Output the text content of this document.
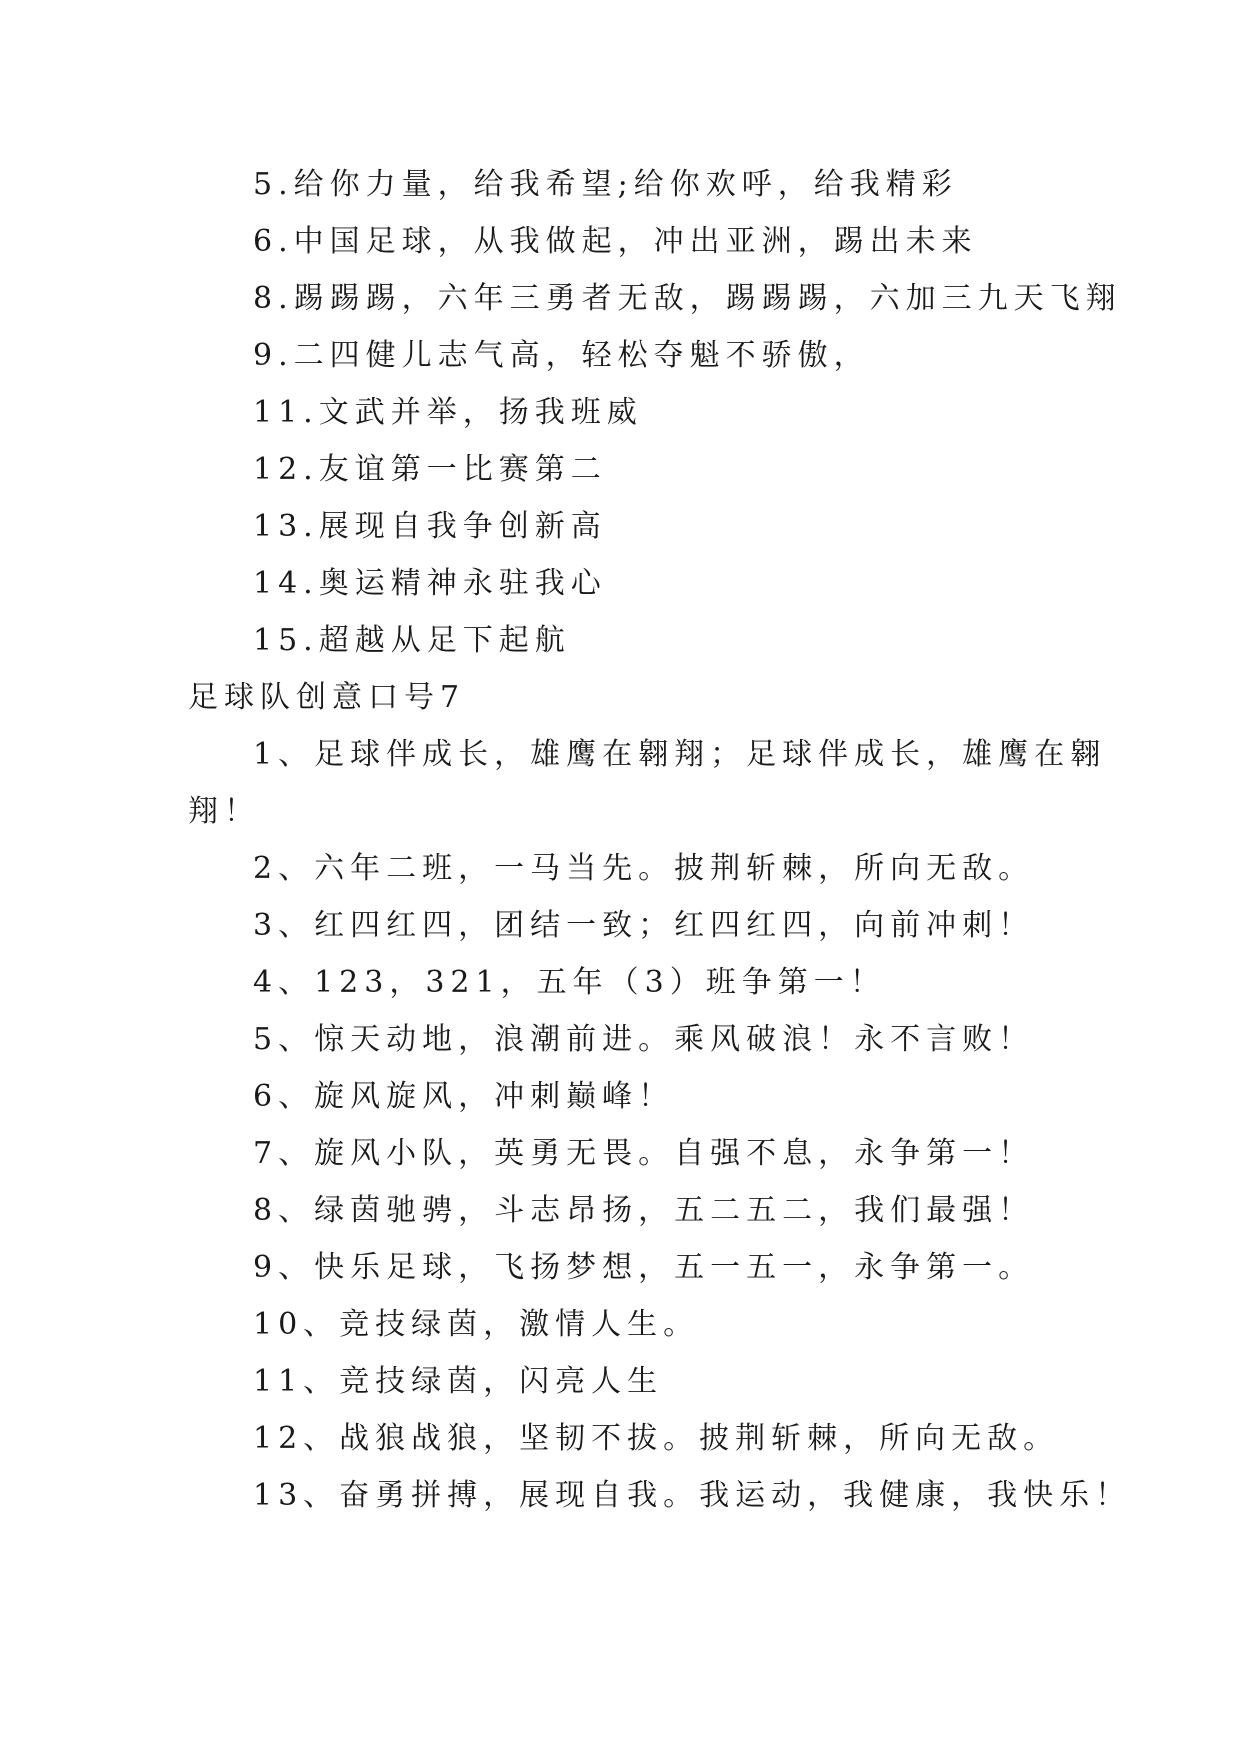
5.给你力量，给我希望;给你欢呼，给我精彩
6.中国足球，从我做起，冲出亚洲，踢出未来
8.踢踢踢，六年三勇者无敌，踢踢踢，六加三九天飞翔
9.二四健儿志气高，轻松夺魁不骄傲，
11.文武并举，扬我班威
12.友谊第一比赛第二
13.展现自我争创新高
14.奥运精神永驻我心
15.超越从足下起航
足球队创意口号7
1、足球伴成长，雄鹰在翱翔；足球伴成长，雄鹰在翱
翔！
2、六年二班，一马当先。披荆斩棘，所向无敌。
3、红四红四，团结一致；红四红四，向前冲刺！
4、123，321，五年（3）班争第一！
5、惊天动地，浪潮前进。乘风破浪！永不言败！
6、旋风旋风，冲刺巅峰！
7、旋风小队，英勇无畏。自强不息，永争第一！
8、绿茵驰骋，斗志昂扬，五二五二，我们最强！
9、快乐足球，飞扬梦想，五一五一，永争第一。
10、竞技绿茵，激情人生。
11、竞技绿茵，闪亮人生
12、战狼战狼，坚韧不拔。披荆斩棘，所向无敌。
13、奋勇拼搏，展现自我。我运动，我健康，我快乐！
